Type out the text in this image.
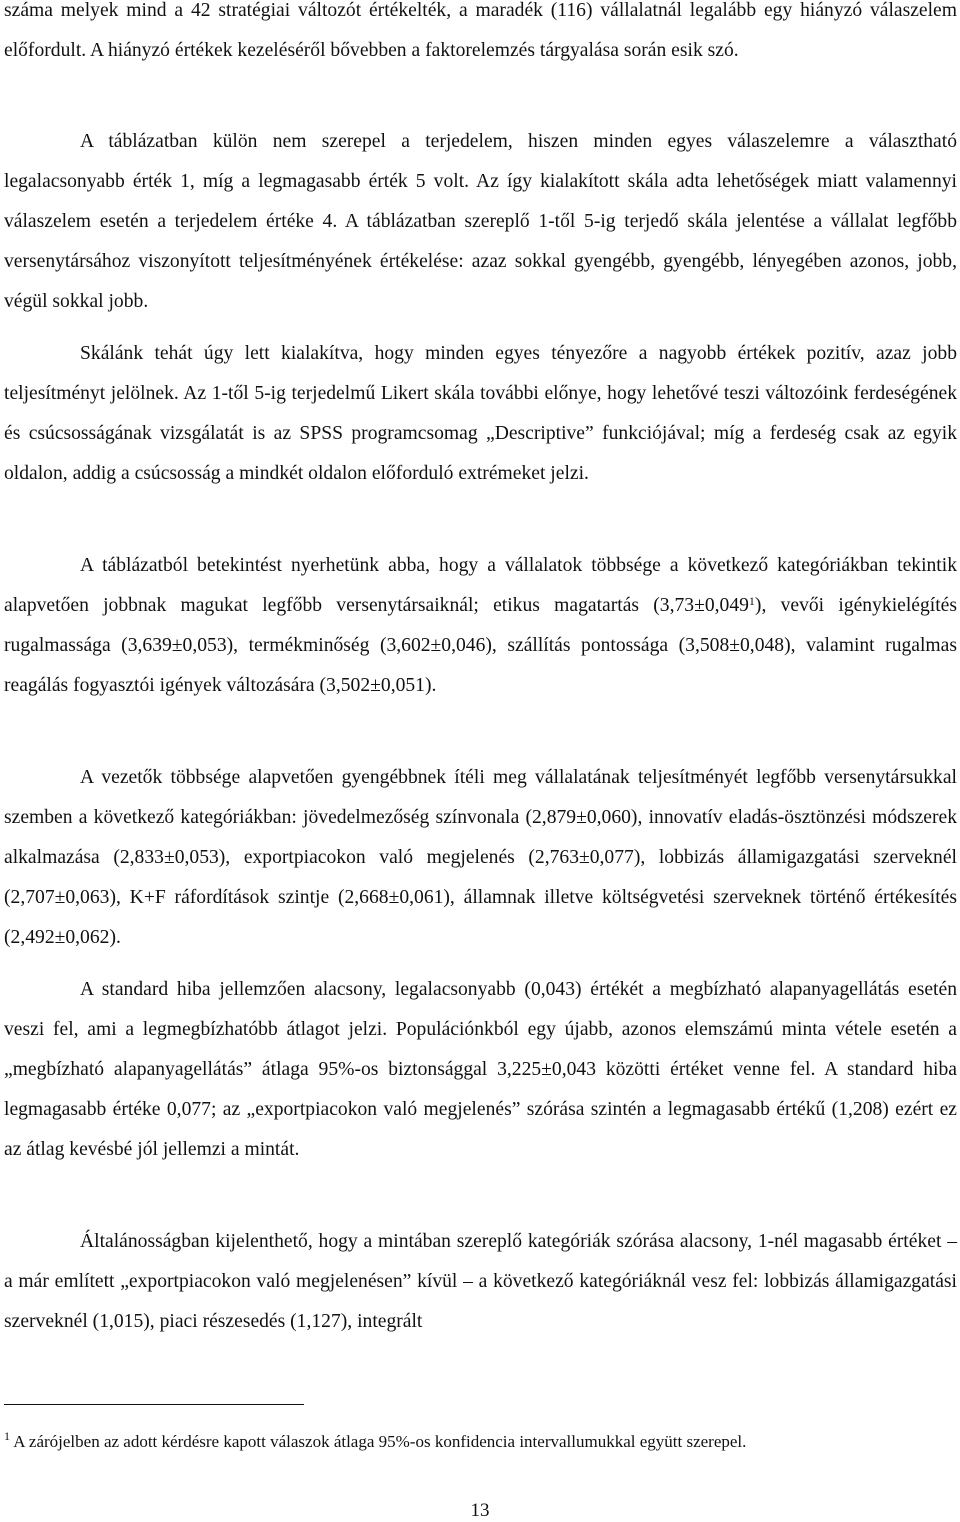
száma melyek mind a 42 stratégiai változót értékelték, a maradék (116) vállalatnál legalább egy hiányzó válaszelem előfordult. A hiányzó értékek kezeléséről bővebben a faktorelemzés tárgyalása során esik szó.

A táblázatban külön nem szerepel a terjedelem, hiszen minden egyes válaszelemre a választható legalacsonyabb érték 1, míg a legmagasabb érték 5 volt. Az így kialakított skála adta lehetőségek miatt valamennyi válaszelem esetén a terjedelem értéke 4. A táblázatban szereplő 1-től 5-ig terjedő skála jelentése a vállalat legfőbb versenytársához viszonyított teljesítményének értékelése: azaz sokkal gyengébb, gyengébb, lényegében azonos, jobb, végül sokkal jobb.

Skálánk tehát úgy lett kialakítva, hogy minden egyes tényezőre a nagyobb értékek pozitív, azaz jobb teljesítményt jelölnek. Az 1-től 5-ig terjedelmű Likert skála további előnye, hogy lehetővé teszi változóink ferdeségének és csúcsosságának vizsgálatát is az SPSS programcsomag „Descriptive” funkciójával; míg a ferdeség csak az egyik oldalon, addig a csúcsosság a mindkét oldalon előforduló extrémeket jelzi.

A táblázatból betekintést nyerhetünk abba, hogy a vállalatok többsége a következő kategóriákban tekintik alapvetően jobbnak magukat legfőbb versenytársaiknál; etikus magatartás $(3,73\pm 0,049^1)$, vevői igénykielégítés rugalmassága (3,639±0,053), termékminőség (3,602±0,046), szállítás pontossága (3,508±0,048), valamint rugalmas reagálás fogyasztói igények változására (3,502±0,051).

A vezetők többsége alapvetően gyengébbnek ítéli meg vállalatának teljesítményét legfőbb versenytársukkal szemben a következő kategóriákban: jövedelmezőség színvonala (2,879±0,060), innovatív eladás-ösztönzési módszerek alkalmazása (2,833±0,053), exportpiacokon való megjelenés (2,763±0,077), lobbizás államigazgatási szerveknél (2,707±0,063), K+F ráfordítások szintje (2,668±0,061), államnak illetve költségvetési szerveknek történő értékesítés (2,492±0,062).

A standard hiba jellemzően alacsony, legalacsonyabb (0,043) értékét a megbízható alapanyagellátás esetén veszi fel, ami a legmegbízhatóbb átlagot jelzi. Populációnkból egy újabb, azonos elemszámú minta vétele esetén a „megbízható alapanyagellátás” átlaga 95%-os biztonsággal 3,225±0,043 közötti értéket venne fel. A standard hiba legmagasabb értéke 0,077; az „exportpiacokon való megjelenés” szórása szintén a legmagasabb értékű (1,208) ezért ez az átlag kevésbé jól jellemzi a mintát.

Általánosságban kijelenthető, hogy a mintában szereplő kategóriák szórása alacsony, 1-nél magasabb értéket – a már említett „exportpiacokon való megjelenésen” kívül – a következő kategóriáknál vesz fel: lobbizás államigazgatási szerveknél (1,015), piaci részesedés (1,127), integrált

$^1$ A zárójelben az adott kérdésre kapott válaszok átlaga 95%-os konfidencia intervallumukkal együtt szerepel.

13
